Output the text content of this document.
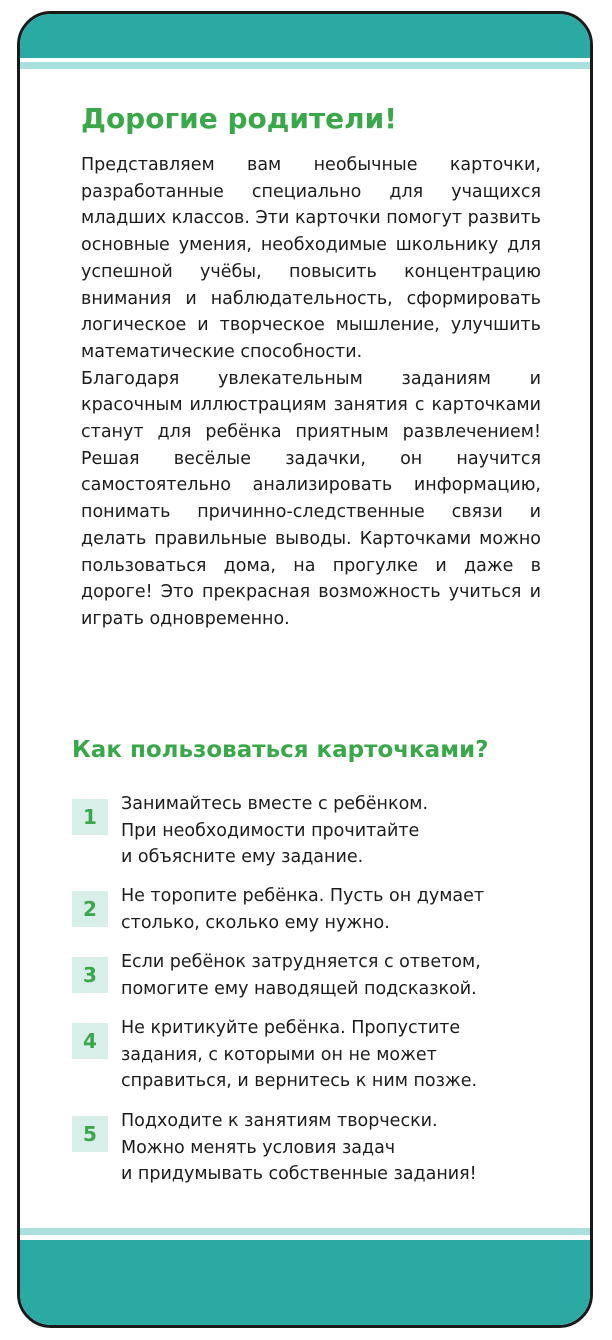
Дорогие родители!

Представляем вам необычные карточки, разработанные специально для учащихся младших классов. Эти карточки помогут развить основные умения, необходимые школьнику для успешной учёбы, повысить концентрацию внимания и наблюдательность, сформировать логическое и творческое мышление, улучшить математические способности.
Благодаря увлекательным заданиям и красочным иллюстрациям занятия с карточками станут для ребёнка приятным развлечением! Решая весёлые задачки, он научится самостоятельно анализировать информацию, понимать причинно-следственные связи и делать правильные выводы. Карточками можно пользоваться дома, на прогулке и даже в дороге! Это прекрасная возможность учиться и играть одновременно.

Как пользоваться карточками?
1

Занимайтесь вместе с ребёнком.
При необходимости прочитайте
и объясните ему задание.

2

Не торопите ребёнка. Пусть он думает
столько, сколько ему нужно.

3

Если ребёнок затрудняется с ответом,
помогите ему наводящей подсказкой.

4

Не критикуйте ребёнка. Пропустите
задания, с которыми он не может
справиться, и вернитесь к ним позже.

5

Подходите к занятиям творчески.
Можно менять условия задач
и придумывать собственные задания!
